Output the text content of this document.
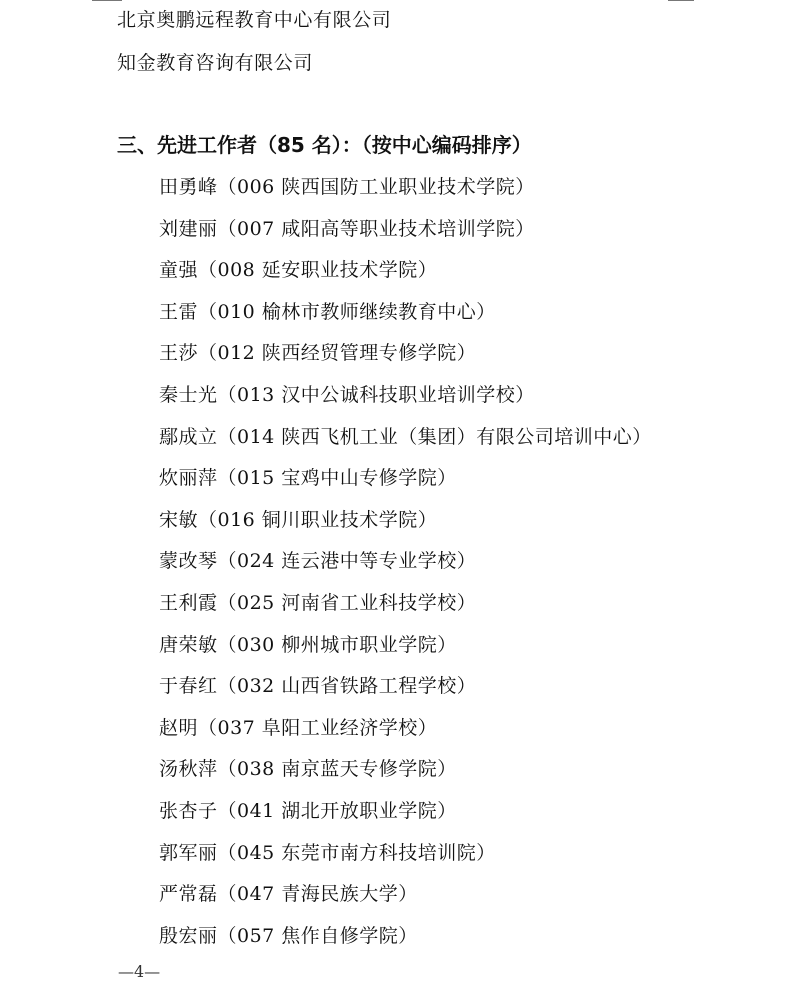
北京奥鹏远程教育中心有限公司
知金教育咨询有限公司
三、先进工作者（85 名）：（按中心编码排序）
田勇峰（006 陕西国防工业职业技术学院）
刘建丽（007 咸阳高等职业技术培训学院）
童强（008 延安职业技术学院）
王雷（010 榆林市教师继续教育中心）
王莎（012 陕西经贸管理专修学院）
秦士光（013 汉中公诚科技职业培训学校）
鄢成立（014 陕西飞机工业（集团）有限公司培训中心）
炊丽萍（015 宝鸡中山专修学院）
宋敏（016 铜川职业技术学院）
蒙改琴（024 连云港中等专业学校）
王利霞（025 河南省工业科技学校）
唐荣敏（030 柳州城市职业学院）
于春红（032 山西省铁路工程学校）
赵明（037 阜阳工业经济学校）
汤秋萍（038 南京蓝天专修学院）
张杏子（041 湖北开放职业学院）
郭军丽（045 东莞市南方科技培训院）
严常磊（047 青海民族大学）
殷宏丽（057 焦作自修学院）
—4—
